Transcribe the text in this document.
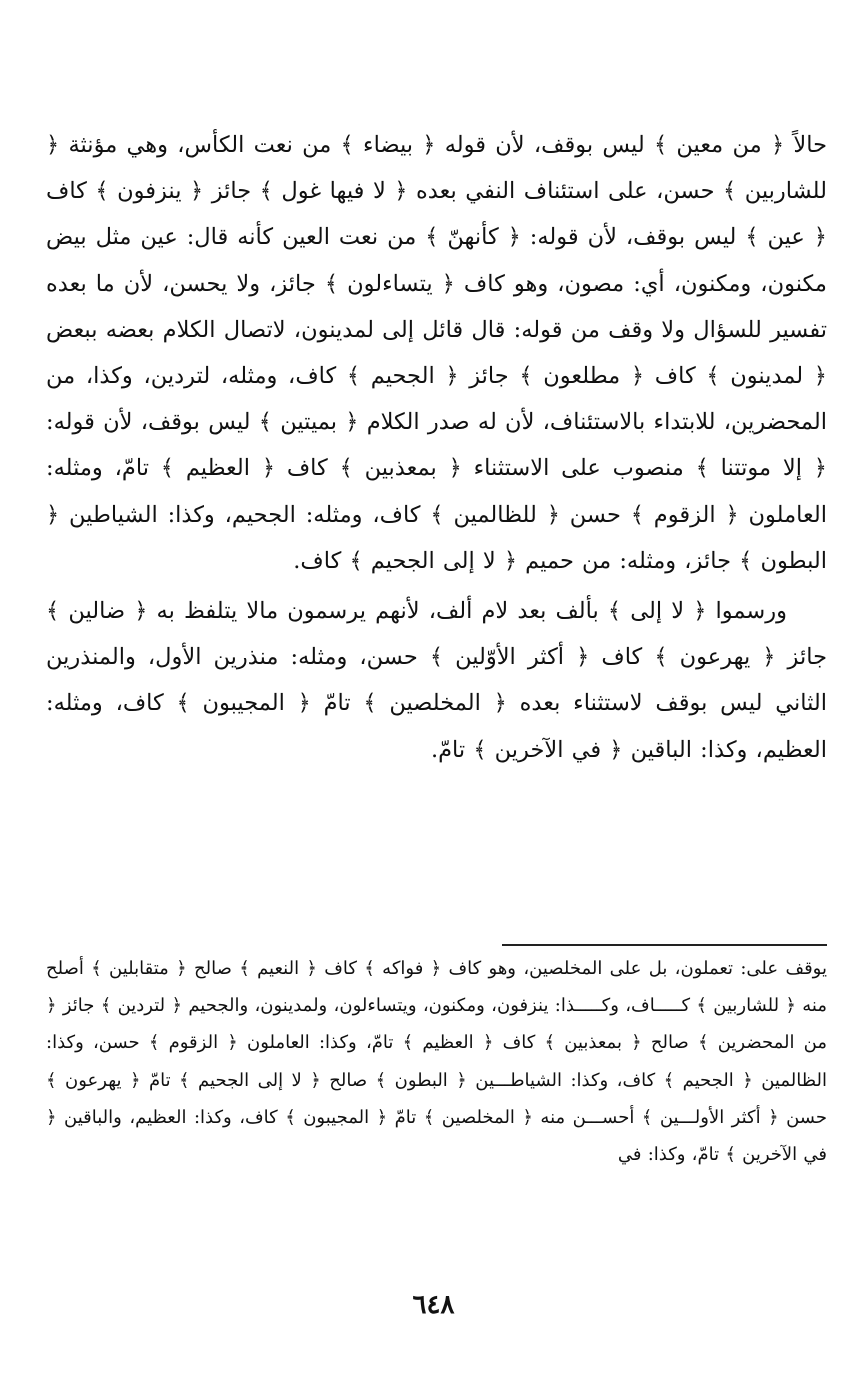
حالاً ﴿ من معين ﴾ ليس بوقف، لأن قوله ﴿ بيضاء ﴾ من نعت الكأس، وهي مؤنثة ﴿ للشاربين ﴾ حسن، على استئناف النفي بعده ﴿ لا فيها غول ﴾ جائز ﴿ ينزفون ﴾ كاف ﴿ عين ﴾ ليس بوقف، لأن قوله: ﴿ كأنهنّ ﴾ من نعت العين كأنه قال: عين مثل بيض مكنون، ومكنون، أي: مصون، وهو كاف ﴿ يتساءلون ﴾ جائز، ولا يحسن، لأن ما بعده تفسير للسؤال ولا وقف من قوله: قال قائل إلى لمدينون، لاتصال الكلام بعضه ببعض ﴿ لمدينون ﴾ كاف ﴿ مطلعون ﴾ جائز ﴿ الجحيم ﴾ كاف، ومثله، لتردين، وكذا، من المحضرين، للابتداء بالاستئناف، لأن له صدر الكلام ﴿ بميتين ﴾ ليس بوقف، لأن قوله: ﴿ إلا موتتنا ﴾ منصوب على الاستثناء ﴿ بمعذبين ﴾ كاف ﴿ العظيم ﴾ تامّ، ومثله: العاملون ﴿ الزقوم ﴾ حسن ﴿ للظالمين ﴾ كاف، ومثله: الجحيم، وكذا: الشياطين ﴿ البطون ﴾ جائز، ومثله: من حميم ﴿ لا إلى الجحيم ﴾ كاف.

ورسموا ﴿ لا إلى ﴾ بألف بعد لام ألف، لأنهم يرسمون مالا يتلفظ به ﴿ ضالين ﴾ جائز ﴿ يهرعون ﴾ كاف ﴿ أكثر الأوّلين ﴾ حسن، ومثله: منذرين الأول، والمنذرين الثاني ليس بوقف لاستثناء بعده ﴿ المخلصين ﴾ تامّ ﴿ المجيبون ﴾ كاف، ومثله: العظيم، وكذا: الباقين ﴿ في الآخرين ﴾ تامّ.

يوقف على: تعملون، بل على المخلصين، وهو كاف ﴿ فواكه ﴾ كاف ﴿ النعيم ﴾ صالح ﴿ متقابلين ﴾ أصلح منه ﴿ للشاربين ﴾ كـــــاف، وكـــــذا: ينزفون، ومكنون، ويتساءلون، ولمدينون، والجحيم ﴿ لتردين ﴾ جائز ﴿ من المحضرين ﴾ صالح ﴿ بمعذبين ﴾ كاف ﴿ العظيم ﴾ تامّ، وكذا: العاملون ﴿ الزقوم ﴾ حسن، وكذا: الظالمين ﴿ الجحيم ﴾ كاف، وكذا: الشياطـــين ﴿ البطون ﴾ صالح ﴿ لا إلى الجحيم ﴾ تامّ ﴿ يهرعون ﴾ حسن ﴿ أكثر الأولـــين ﴾ أحســـن منه ﴿ المخلصين ﴾ تامّ ﴿ المجيبون ﴾ كاف، وكذا: العظيم، والباقين ﴿ في الآخرين ﴾ تامّ، وكذا: في

٦٤٨
